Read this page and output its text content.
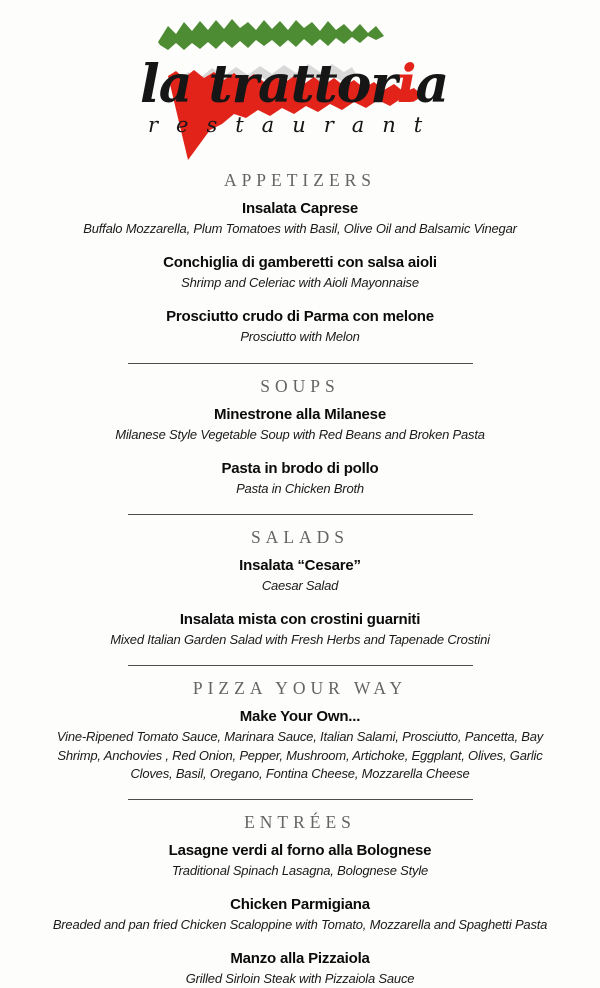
la trattoria
restaurant
APPETIZERS
Insalata Caprese
Buffalo Mozzarella, Plum Tomatoes with Basil, Olive Oil and Balsamic Vinegar
Conchiglia di gamberetti con salsa aioli
Shrimp and Celeriac with Aioli Mayonnaise
Prosciutto crudo di Parma con melone
Prosciutto with Melon
SOUPS
Minestrone alla Milanese
Milanese Style Vegetable Soup with Red Beans and Broken Pasta
Pasta in brodo di pollo
Pasta in Chicken Broth
SALADS
Insalata “Cesare”
Caesar Salad
Insalata mista con crostini guarniti
Mixed Italian Garden Salad with Fresh Herbs and Tapenade Crostini
PIZZA YOUR WAY
Make Your Own...
Vine-Ripened Tomato Sauce, Marinara Sauce, Italian Salami, Prosciutto, Pancetta, Bay Shrimp, Anchovies , Red Onion, Pepper, Mushroom, Artichoke, Eggplant, Olives, Garlic Cloves, Basil, Oregano, Fontina Cheese, Mozzarella Cheese
ENTRÉES
Lasagne verdi al forno alla Bolognese
Traditional Spinach Lasagna, Bolognese Style
Chicken Parmigiana
Breaded and pan fried Chicken Scaloppine with Tomato, Mozzarella and Spaghetti Pasta
Manzo alla Pizzaiola
Grilled Sirloin Steak with Pizzaiola Sauce
